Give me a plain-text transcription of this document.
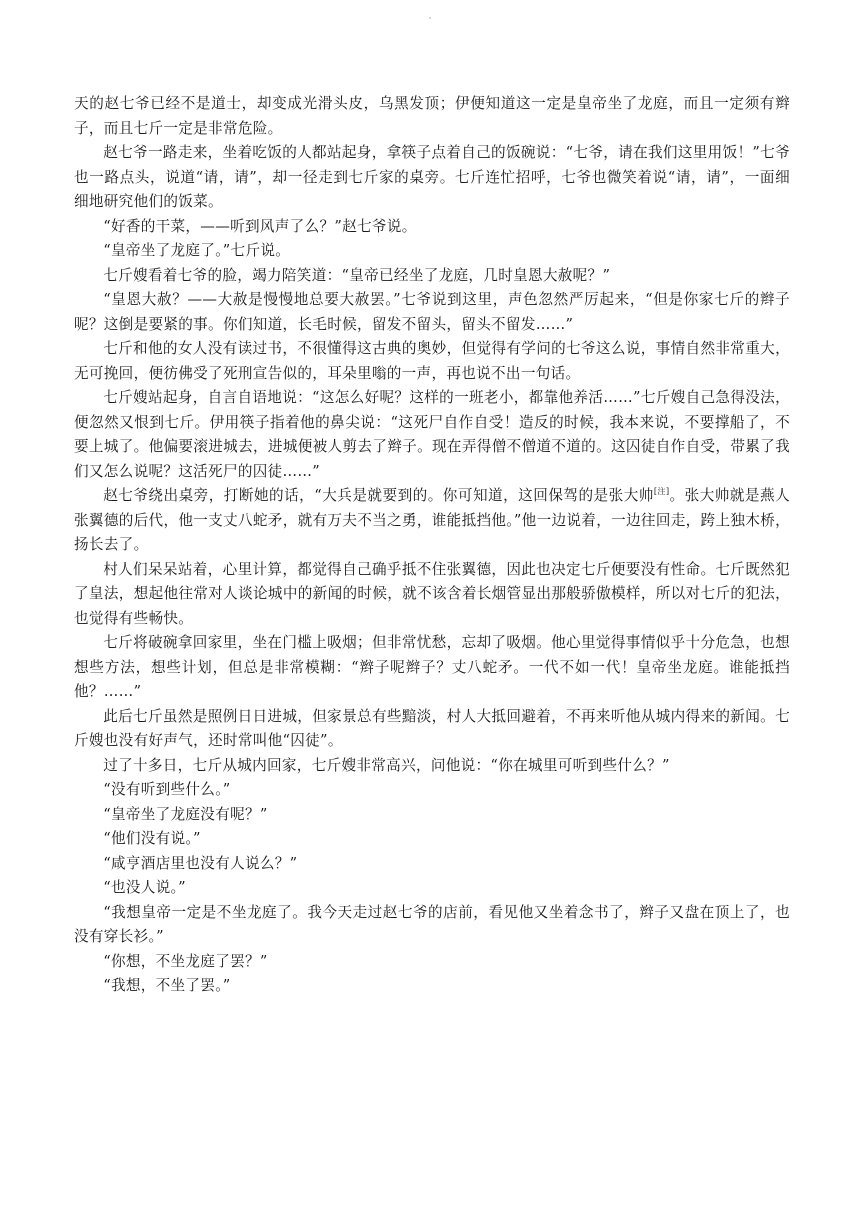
·

天的赵七爷已经不是道士，却变成光滑头皮，乌黑发顶；伊便知道这一定是皇帝坐了龙庭，而且一定须有辫子，而且七斤一定是非常危险。

赵七爷一路走来，坐着吃饭的人都站起身，拿筷子点着自己的饭碗说：“七爷，请在我们这里用饭！”七爷也一路点头，说道“请，请”，却一径走到七斤家的桌旁。七斤连忙招呼，七爷也微笑着说“请，请”，一面细细地研究他们的饭菜。

“好香的干菜，——听到风声了么？”赵七爷说。

“皇帝坐了龙庭了。”七斤说。

七斤嫂看着七爷的脸，竭力陪笑道：“皇帝已经坐了龙庭，几时皇恩大赦呢？”

“皇恩大赦？——大赦是慢慢地总要大赦罢。”七爷说到这里，声色忽然严厉起来，“但是你家七斤的辫子呢？这倒是要紧的事。你们知道，长毛时候，留发不留头，留头不留发……”

七斤和他的女人没有读过书，不很懂得这古典的奥妙，但觉得有学问的七爷这么说，事情自然非常重大，无可挽回，便彷佛受了死刑宣告似的，耳朵里嗡的一声，再也说不出一句话。

七斤嫂站起身，自言自语地说：“这怎么好呢？这样的一班老小，都靠他养活……”七斤嫂自己急得没法，便忽然又恨到七斤。伊用筷子指着他的鼻尖说：“这死尸自作自受！造反的时候，我本来说，不要撑船了，不要上城了。他偏要滚进城去，进城便被人剪去了辫子。现在弄得僧不僧道不道的。这囚徒自作自受，带累了我们又怎么说呢？这活死尸的囚徒……”

赵七爷绕出桌旁，打断她的话，“大兵是就要到的。你可知道，这回保驾的是张大帅[注]。张大帅就是燕人张翼德的后代，他一支丈八蛇矛，就有万夫不当之勇，谁能抵挡他。”他一边说着，一边往回走，跨上独木桥，扬长去了。

村人们呆呆站着，心里计算，都觉得自己确乎抵不住张翼德，因此也决定七斤便要没有性命。七斤既然犯了皇法，想起他往常对人谈论城中的新闻的时候，就不该含着长烟管显出那般骄傲模样，所以对七斤的犯法，也觉得有些畅快。

七斤将破碗拿回家里，坐在门槛上吸烟；但非常忧愁，忘却了吸烟。他心里觉得事情似乎十分危急，也想想些方法，想些计划，但总是非常模糊：“辫子呢辫子？丈八蛇矛。一代不如一代！皇帝坐龙庭。谁能抵挡他？……”

此后七斤虽然是照例日日进城，但家景总有些黯淡，村人大抵回避着，不再来听他从城内得来的新闻。七斤嫂也没有好声气，还时常叫他“囚徒”。

过了十多日，七斤从城内回家，七斤嫂非常高兴，问他说：“你在城里可听到些什么？”

“没有听到些什么。”

“皇帝坐了龙庭没有呢？”

“他们没有说。”

“咸亨酒店里也没有人说么？”

“也没人说。”

“我想皇帝一定是不坐龙庭了。我今天走过赵七爷的店前，看见他又坐着念书了，辫子又盘在顶上了，也没有穿长衫。”

“你想，不坐龙庭了罢？”

“我想，不坐了罢。”
